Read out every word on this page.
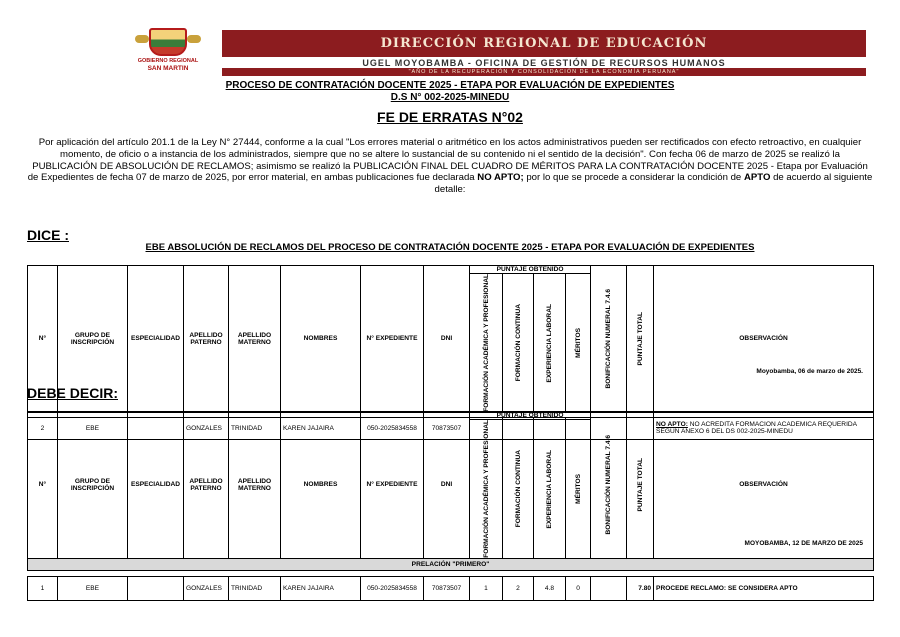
GOBIERNO REGIONAL
SAN MARTIN
DIRECCIÓN REGIONAL DE EDUCACIÓN
UGEL MOYOBAMBA - OFICINA DE GESTIÓN DE RECURSOS HUMANOS
"AÑO DE LA RECUPERACIÓN Y CONSOLIDACIÓN DE LA ECONOMÍA PERUANA"
PROCESO DE CONTRATACIÓN DOCENTE 2025 - ETAPA POR EVALUACIÓN DE EXPEDIENTES
D.S N° 002-2025-MINEDU
FE DE ERRATAS N°02
Por aplicación del artículo 201.1 de la Ley N° 27444, conforme a la cual "Los errores material o aritmético en los actos administrativos pueden ser rectificados con efecto retroactivo, en cualquier momento, de oficio o a instancia de los administrados, siempre que no se altere lo sustancial de su contenido ni el sentido de la decisión". Con fecha 06 de marzo de 2025 se realizó la PUBLICACIÓN DE ABSOLUCIÓN DE RECLAMOS; asimismo se realizó la PUBLICACIÓN FINAL DEL CUADRO DE MÉRITOS PARA LA CONTRATACIÓN DOCENTE 2025 - Etapa por Evaluación de Expedientes de fecha 07 de marzo de 2025, por error material, en ambas publicaciones fue declarada NO APTO; por lo que se procede a considerar la condición de APTO de acuerdo al siguiente detalle:
DICE :
EBE ABSOLUCIÓN DE RECLAMOS DEL PROCESO DE CONTRATACIÓN DOCENTE 2025 - ETAPA POR EVALUACIÓN DE EXPEDIENTES
N°	GRUPO DE INSCRIPCIÓN	ESPECIALIDAD	APELLIDO PATERNO	APELLIDO MATERNO	NOMBRES	N° EXPEDIENTE	DNI	PUNTAJE OBTENIDO				BONIFICACIÓN NUMERAL 7.4.6	PUNTAJE TOTAL	OBSERVACIÓN

								FORMACIÓN ACADÉMICA Y PROFESIONAL	FORMACIÓN CONTINUA	EXPERIENCIA LABORAL	MÉRITOS			

2	EBE		GONZALES	TRINIDAD	KAREN JAJAIRA	050-2025834558	70873507							NO APTO: NO ACREDITA FORMACION ACADEMICA REQUERIDA SEGÚN ANEXO 6 DEL DS 002-2025-MINEDU
Moyobamba, 06 de marzo de 2025.
DEBE DECIR:
N°	GRUPO DE INSCRIPCIÓN	ESPECIALIDAD	APELLIDO PATERNO	APELLIDO MATERNO	NOMBRES	N° EXPEDIENTE	DNI	PUNTAJE OBTENIDO				BONIFICACIÓN NUMERAL 7.4.6	PUNTAJE TOTAL	OBSERVACIÓN

								FORMACIÓN ACADÉMICA Y PROFESIONAL	FORMACIÓN CONTINUA	EXPERIENCIA LABORAL	MÉRITOS			

PRELACIÓN "PRIMERO"														

1	EBE		GONZALES	TRINIDAD	KAREN JAJAIRA	050-2025834558	70873507	1	2	4.8	0		7.80	PROCEDE RECLAMO: SE CONSIDERA APTO
MOYOBAMBA, 12 DE MARZO DE 2025
